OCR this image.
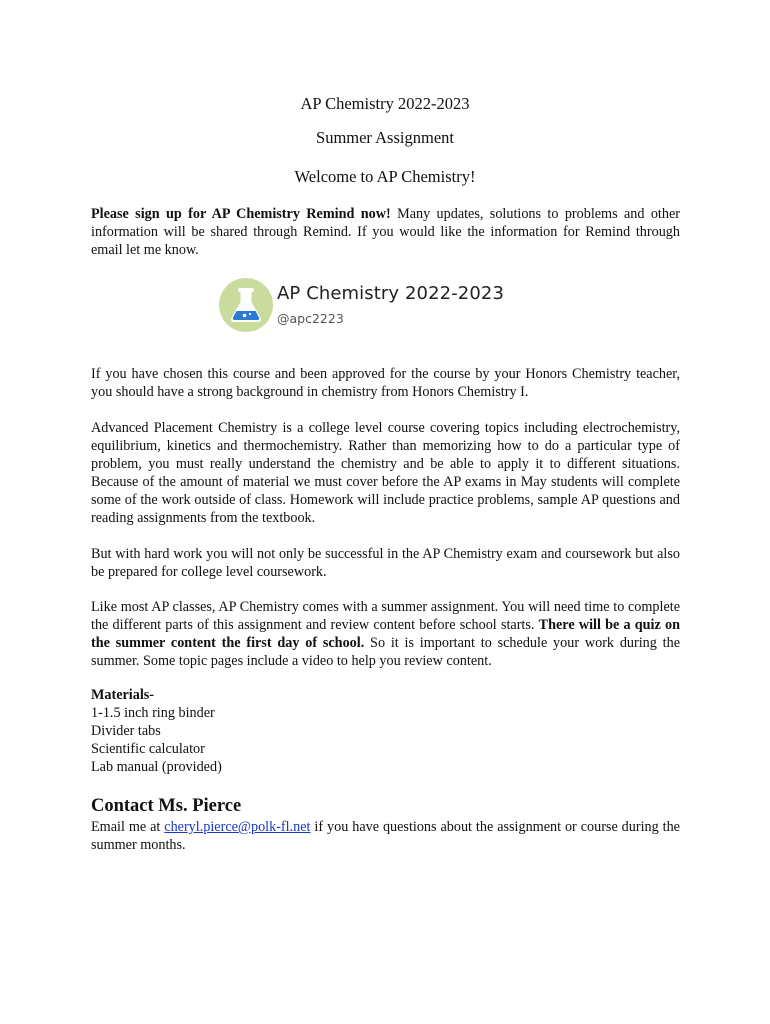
AP Chemistry 2022-2023
Summer Assignment
Welcome to AP Chemistry!

Please sign up for AP Chemistry Remind now! Many updates, solutions to problems and other information will be shared through Remind. If you would like the information for Remind through email let me know.

AP Chemistry 2022-2023
@apc2223

If you have chosen this course and been approved for the course by your Honors Chemistry teacher, you should have a strong background in chemistry from Honors Chemistry I.

Advanced Placement Chemistry is a college level course covering topics including electrochemistry, equilibrium, kinetics and thermochemistry. Rather than memorizing how to do a particular type of problem, you must really understand the chemistry and be able to apply it to different situations. Because of the amount of material we must cover before the AP exams in May students will complete some of the work outside of class. Homework will include practice problems, sample AP questions and reading assignments from the textbook.

But with hard work you will not only be successful in the AP Chemistry exam and coursework but also be prepared for college level coursework.

Like most AP classes, AP Chemistry comes with a summer assignment. You will need time to complete the different parts of this assignment and review content before school starts. There will be a quiz on the summer content the first day of school. So it is important to schedule your work during the summer. Some topic pages include a video to help you review content.

Materials-
1-1.5 inch ring binder
Divider tabs
Scientific calculator
Lab manual (provided)
Contact Ms. Pierce

Email me at cheryl.pierce@polk-fl.net if you have questions about the assignment or course during the summer months.
